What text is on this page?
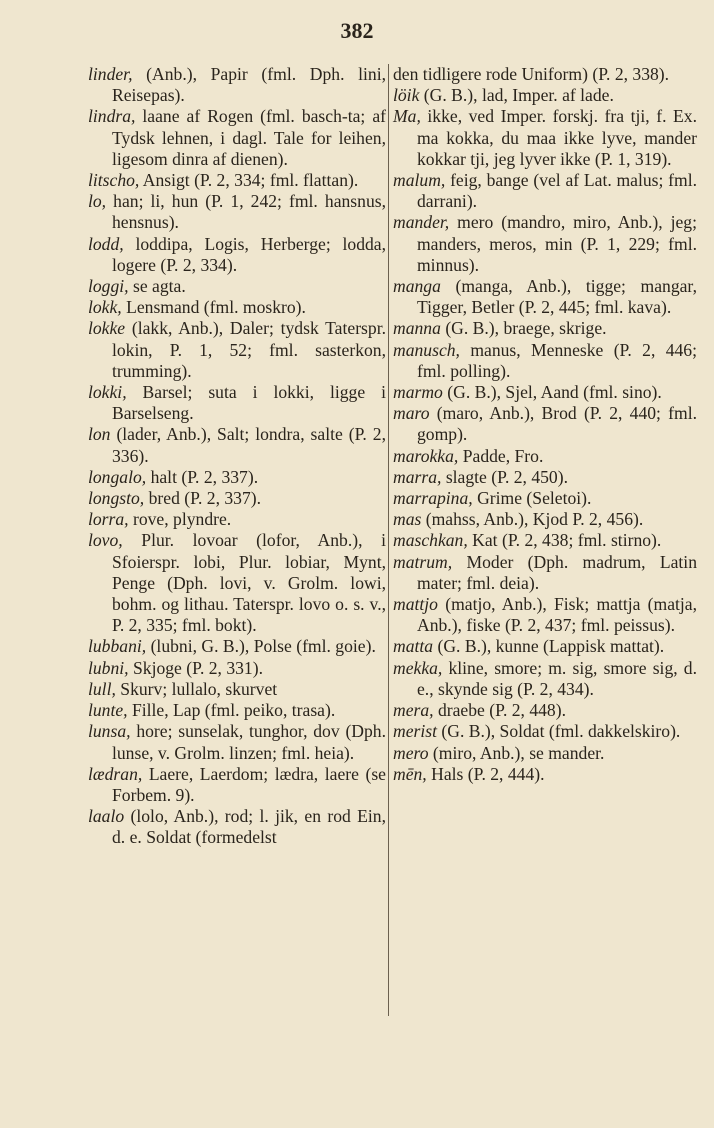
382

linder, (Anb.), Papir (fml. Dph. lini, Reisepas).

lindra, laane af Rogen (fml. basch-ta; af Tydsk lehnen, i dagl. Tale for leihen, ligesom dinra af dienen).

litscho, Ansigt (P. 2, 334; fml. flattan).

lo, han; li, hun (P. 1, 242; fml. hansnus, hensnus).

lodd, loddipa, Logis, Herberge; lodda, logere (P. 2, 334).

loggi, se agta.

lokk, Lensmand (fml. moskro).

lokke (lakk, Anb.), Daler; tydsk Taterspr. lokin, P. 1, 52; fml. sasterkon, trumming).

lokki, Barsel; suta i lokki, ligge i Barselseng.

lon (lader, Anb.), Salt; londra, salte (P. 2, 336).

longalo, halt (P. 2, 337).

longsto, bred (P. 2, 337).

lorra, rove, plyndre.

lovo, Plur. lovoar (lofor, Anb.), i Sfoierspr. lobi, Plur. lobiar, Mynt, Penge (Dph. lovi, v. Grolm. lowi, bohm. og lithau. Taterspr. lovo o. s. v., P. 2, 335; fml. bokt).

lubbani, (lubni, G. B.), Polse (fml. goie).

lubni, Skjoge (P. 2, 331).

lull, Skurv; lullalo, skurvet

lunte, Fille, Lap (fml. peiko, trasa).

lunsa, hore; sunselak, tunghor, dov (Dph. lunse, v. Grolm. linzen; fml. heia).

lædran, Laere, Laerdom; lædra, laere (se Forbem. 9).

laalo (lolo, Anb.), rod; l. jik, en rod Ein, d. e. Soldat (formedelst

den tidligere rode Uniform) (P. 2, 338).

löik (G. B.), lad, Imper. af lade.

Ma, ikke, ved Imper. forskj. fra tji, f. Ex. ma kokka, du maa ikke lyve, mander kokkar tji, jeg lyver ikke (P. 1, 319).

malum, feig, bange (vel af Lat. malus; fml. darrani).

mander, mero (mandro, miro, Anb.), jeg; manders, meros, min (P. 1, 229; fml. minnus).

manga (manga, Anb.), tigge; mangar, Tigger, Betler (P. 2, 445; fml. kava).

manna (G. B.), braege, skrige.

manusch, manus, Menneske (P. 2, 446; fml. polling).

marmo (G. B.), Sjel, Aand (fml. sino).

maro (maro, Anb.), Brod (P. 2, 440; fml. gomp).

marokka, Padde, Fro.

marra, slagte (P. 2, 450).

marrapina, Grime (Seletoi).

mas (mahss, Anb.), Kjod P. 2, 456).

maschkan, Kat (P. 2, 438; fml. stirno).

matrum, Moder (Dph. madrum, Latin mater; fml. deia).

mattjo (matjo, Anb.), Fisk; mattja (matja, Anb.), fiske (P. 2, 437; fml. peissus).

matta (G. B.), kunne (Lappisk mattat).

mekka, kline, smore; m. sig, smore sig, d. e., skynde sig (P. 2, 434).

mera, draebe (P. 2, 448).

merist (G. B.), Soldat (fml. dakkelskiro).

mero (miro, Anb.), se mander.

mēn, Hals (P. 2, 444).
